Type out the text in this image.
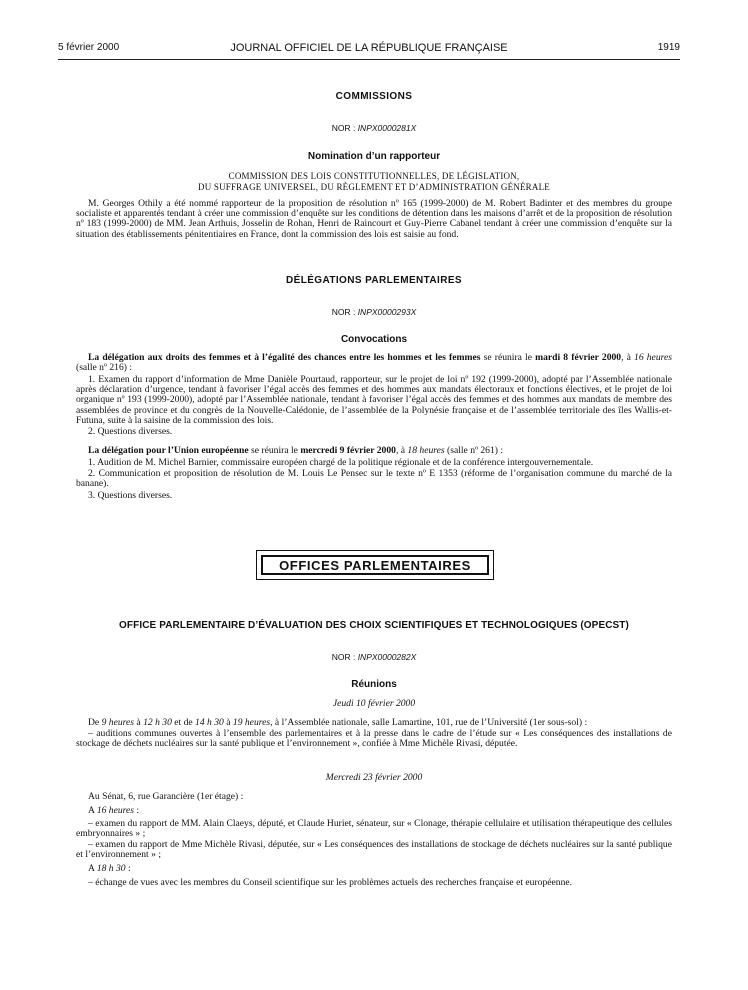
5 février 2000	JOURNAL OFFICIEL DE LA RÉPUBLIQUE FRANÇAISE	1919
COMMISSIONS
NOR : INPX0000281X
Nomination d’un rapporteur
COMMISSION DES LOIS CONSTITUTIONNELLES, DE LÉGISLATION,
DU SUFFRAGE UNIVERSEL, DU RÈGLEMENT ET D’ADMINISTRATION GÉNÉRALE
M. Georges Othily a été nommé rapporteur de la proposition de résolution nº 165 (1999-2000) de M. Robert Badinter et des membres du groupe socialiste et apparentés tendant à créer une commission d’enquête sur les conditions de détention dans les maisons d’arrêt et de la proposition de résolution nº 183 (1999-2000) de MM. Jean Arthuis, Josselin de Rohan, Henri de Raincourt et Guy-Pierre Cabanel tendant à créer une commission d’enquête sur la situation des établissements pénitentiaires en France, dont la commission des lois est saisie au fond.
DÉLÉGATIONS PARLEMENTAIRES
NOR : INPX0000293X
Convocations
La délégation aux droits des femmes et à l’égalité des chances entre les hommes et les femmes se réunira le mardi 8 février 2000, à 16 heures (salle nº 216) :
1. Examen du rapport d’information de Mme Danièle Pourtaud, rapporteur, sur le projet de loi nº 192 (1999-2000), adopté par l’Assemblée nationale après déclaration d’urgence, tendant à favoriser l’égal accès des femmes et des hommes aux mandats électoraux et fonctions électives, et le projet de loi organique nº 193 (1999-2000), adopté par l’Assemblée nationale, tendant à favoriser l’égal accès des femmes et des hommes aux mandats de membre des assemblées de province et du congrès de la Nouvelle-Calédonie, de l’assemblée de la Polynésie française et de l’assemblée territoriale des îles Wallis-et-Futuna, suite à la saisine de la commission des lois.
2. Questions diverses.
La délégation pour l’Union européenne se réunira le mercredi 9 février 2000, à 18 heures (salle nº 261) :
1. Audition de M. Michel Barnier, commissaire européen chargé de la politique régionale et de la conférence intergouvernementale.
2. Communication et proposition de résolution de M. Louis Le Pensec sur le texte nº E 1353 (réforme de l’organisation commune du marché de la banane).
3. Questions diverses.
OFFICES PARLEMENTAIRES
OFFICE PARLEMENTAIRE D’ÉVALUATION DES CHOIX SCIENTIFIQUES ET TECHNOLOGIQUES (OPECST)
NOR : INPX0000282X
Réunions
Jeudi 10 février 2000
De 9 heures à 12 h 30 et de 14 h 30 à 19 heures, à l’Assemblée nationale, salle Lamartine, 101, rue de l’Université (1er sous-sol) :
– auditions communes ouvertes à l’ensemble des parlementaires et à la presse dans le cadre de l’étude sur « Les conséquences des installations de stockage de déchets nucléaires sur la santé publique et l’environnement », confiée à Mme Michèle Rivasi, députée.
Mercredi 23 février 2000
Au Sénat, 6, rue Garancière (1er étage) :
A 16 heures :
– examen du rapport de MM. Alain Claeys, député, et Claude Huriet, sénateur, sur « Clonage, thérapie cellulaire et utilisation thérapeutique des cellules embryonnaires » ;
– examen du rapport de Mme Michèle Rivasi, députée, sur « Les conséquences des installations de stockage de déchets nucléaires sur la santé publique et l’environnement » ;
A 18 h 30 :
– échange de vues avec les membres du Conseil scientifique sur les problèmes actuels des recherches française et européenne.
